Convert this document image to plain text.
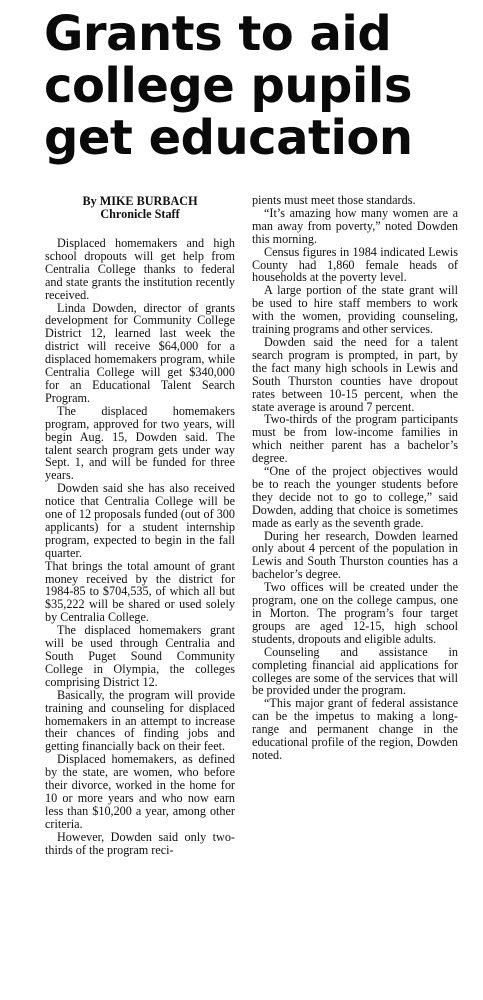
Grants to aid
college pupils
get education
By MIKE BURBACH
Chronicle Staff

Displaced homemakers and high school dropouts will get help from Centralia College thanks to federal and state grants the institution recently received.

Linda Dowden, director of grants development for Community College District 12, learned last week the district will receive $64,000 for a displaced homemakers program, while Centralia College will get $340,000 for an Educational Talent Search Program.

The displaced homemakers program, approved for two years, will begin Aug. 15, Dowden said. The talent search program gets under way Sept. 1, and will be funded for three years.

Dowden said she has also received notice that Centralia College will be one of 12 proposals funded (out of 300 applicants) for a student internship program, expected to begin in the fall quarter.

That brings the total amount of grant money received by the district for 1984-85 to $704,535, of which all but $35,222 will be shared or used solely by Centralia College.

The displaced homemakers grant will be used through Centralia and South Puget Sound Community College in Olympia, the colleges comprising District 12.

Basically, the program will provide training and counseling for displaced homemakers in an attempt to increase their chances of finding jobs and getting financially back on their feet.

Displaced homemakers, as defined by the state, are women, who before their divorce, worked in the home for 10 or more years and who now earn less than $10,200 a year, among other criteria.

However, Dowden said only two-thirds of the program reci-

pients must meet those standards.

“It’s amazing how many women are a man away from poverty,” noted Dowden this morning.

Census figures in 1984 indicated Lewis County had 1,860 female heads of households at the poverty level.

A large portion of the state grant will be used to hire staff members to work with the women, providing counseling, training programs and other services.

Dowden said the need for a talent search program is prompted, in part, by the fact many high schools in Lewis and South Thurston counties have dropout rates between 10-15 percent, when the state average is around 7 percent.

Two-thirds of the program participants must be from low-income families in which neither parent has a bachelor’s degree.

“One of the project objectives would be to reach the younger students before they decide not to go to college,” said Dowden, adding that choice is sometimes made as early as the seventh grade.

During her research, Dowden learned only about 4 percent of the population in Lewis and South Thurston counties has a bachelor’s degree.

Two offices will be created under the program, one on the college campus, one in Morton. The program’s four target groups are aged 12-15, high school students, dropouts and eligible adults.

Counseling and assistance in completing financial aid applications for colleges are some of the services that will be provided under the program.

“This major grant of federal assistance can be the impetus to making a long-range and permanent change in the educational profile of the region, Dowden noted.
